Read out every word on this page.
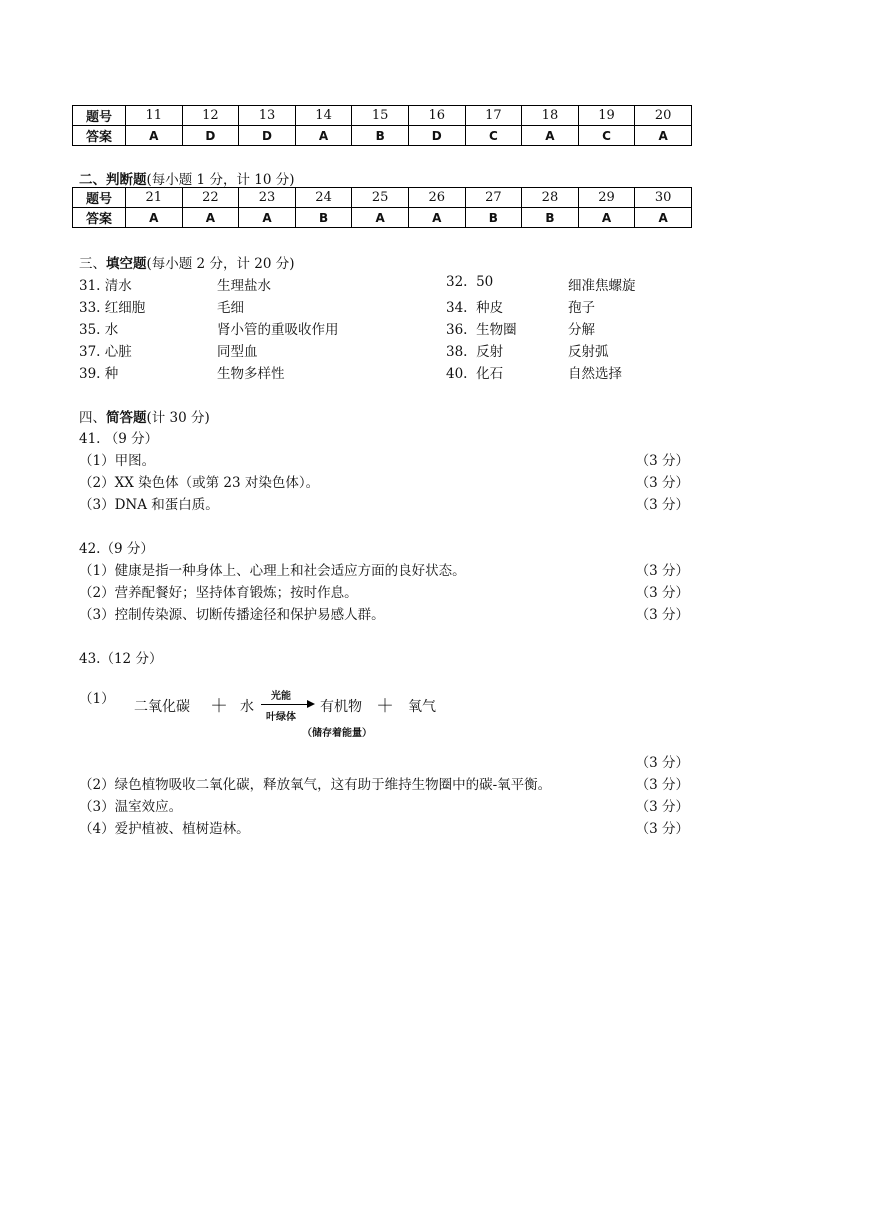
题号	11	12	13	14	15	16	17	18	19	20
答案	A	D	D	A	B	D	C	A	C	A
二、判断题(每小题 1 分，计 10 分)
题号	21	22	23	24	25	26	27	28	29	30
答案	A	A	A	B	A	A	B	B	A	A
三、填空题(每小题 2 分，计 20 分)
31. 清水	生理盐水	32. 50	细准焦螺旋
33. 红细胞	毛细	34. 种皮	孢子
35. 水	肾小管的重吸收作用	36. 生物圈	分解
37. 心脏	同型血	38. 反射	反射弧
39. 种	生物多样性	40. 化石	自然选择
四、简答题(计 30 分)
41. （9 分）
（1）甲图。	（3 分）
（2）XX 染色体（或第 23 对染色体）。	（3 分）
（3）DNA 和蛋白质。	（3 分）
42.（9 分）
（1）健康是指一种身体上、心理上和社会适应方面的良好状态。	（3 分）
（2）营养配餐好；坚持体育锻炼；按时作息。	（3 分）
（3）控制传染源、切断传播途径和保护易感人群。	（3 分）
43.（12 分）
（1）	二氧化碳 ＋ 水
光能
叶绿体
有机物 ＋ 氧气
（储存着能量）
（3 分）
（2）绿色植物吸收二氧化碳，释放氧气，这有助于维持生物圈中的碳-氧平衡。	（3 分）
（3）温室效应。	（3 分）
（4）爱护植被、植树造林。	（3 分）
